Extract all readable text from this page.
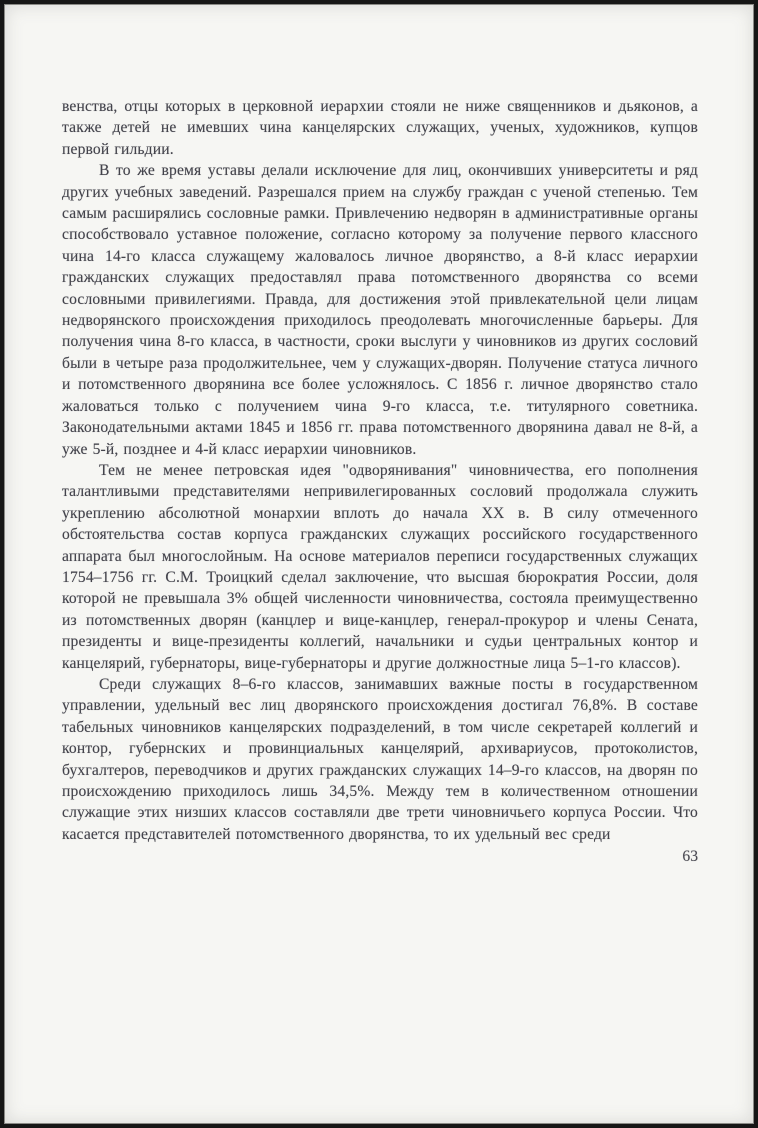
венства, отцы которых в церковной иерархии стояли не ниже священников и дьяконов, а также детей не имевших чина канцелярских служащих, ученых, художников, купцов первой гильдии.

В то же время уставы делали исключение для лиц, окончивших университеты и ряд других учебных заведений. Разрешался прием на службу граждан с ученой степенью. Тем самым расширялись сословные рамки. Привлечению недворян в административные органы способствовало уставное положение, согласно которому за получение первого классного чина 14-го класса служащему жаловалось личное дворянство, а 8-й класс иерархии гражданских служащих предоставлял права потомственного дворянства со всеми сословными привилегиями. Правда, для достижения этой привлекательной цели лицам недворянского происхождения приходилось преодолевать многочисленные барьеры. Для получения чина 8-го класса, в частности, сроки выслуги у чиновников из других сословий были в четыре раза продолжительнее, чем у служащих-дворян. Получение статуса личного и потомственного дворянина все более усложнялось. С 1856 г. личное дворянство стало жаловаться только с получением чина 9-го класса, т.е. титулярного советника. Законодательными актами 1845 и 1856 гг. права потомственного дворянина давал не 8-й, а уже 5-й, позднее и 4-й класс иерархии чиновников.

Тем не менее петровская идея "одворянивания" чиновничества, его пополнения талантливыми представителями непривилегированных сословий продолжала служить укреплению абсолютной монархии вплоть до начала XX в. В силу отмеченного обстоятельства состав корпуса гражданских служащих российского государственного аппарата был многослойным. На основе материалов переписи государственных служащих 1754–1756 гг. С.М. Троицкий сделал заключение, что высшая бюрократия России, доля которой не превышала 3% общей численности чиновничества, состояла преимущественно из потомственных дворян (канцлер и вице-канцлер, генерал-прокурор и члены Сената, президенты и вице-президенты коллегий, начальники и судьи центральных контор и канцелярий, губернаторы, вице-губернаторы и другие должностные лица 5–1-го классов).

Среди служащих 8–6-го классов, занимавших важные посты в государственном управлении, удельный вес лиц дворянского происхождения достигал 76,8%. В составе табельных чиновников канцелярских подразделений, в том числе секретарей коллегий и контор, губернских и провинциальных канцелярий, архивариусов, протоколистов, бухгалтеров, переводчиков и других гражданских служащих 14–9-го классов, на дворян по происхождению приходилось лишь 34,5%. Между тем в количественном отношении служащие этих низших классов составляли две трети чиновничьего корпуса России. Что касается представителей потомственного дворянства, то их удельный вес среди

63
